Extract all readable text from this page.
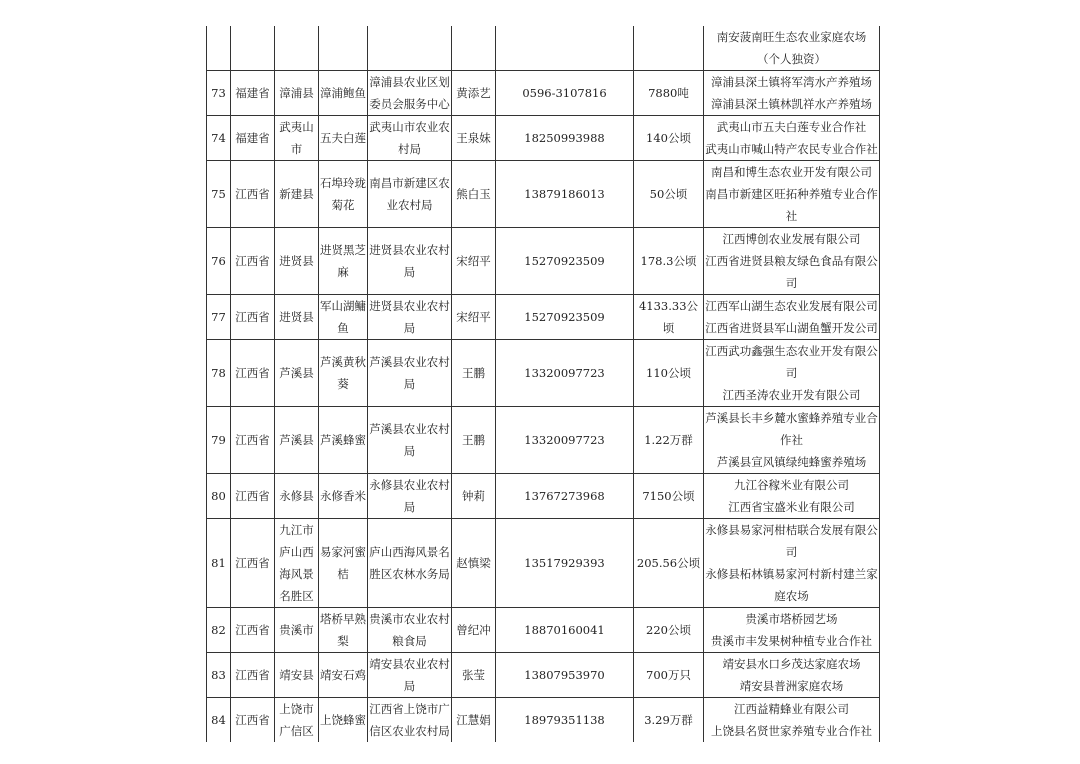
								南安菠南旺生态农业家庭农场（个人独资）

73	福建省	漳浦县	漳浦鲍鱼	漳浦县农业区划委员会服务中心	黄添艺	0596-3107816	7880吨	漳浦县深土镇将军湾水产养殖场
漳浦县深土镇林凯祥水产养殖场

74	福建省	武夷山市	五夫白莲	武夷山市农业农村局	王泉妹	18250993988	140公顷	武夷山市五夫白莲专业合作社
武夷山市喊山特产农民专业合作社

75	江西省	新建县	石埠玲珑菊花	南昌市新建区农业农村局	熊白玉	13879186013	50公顷	南昌和博生态农业开发有限公司
南昌市新建区旺拓种养殖专业合作社

76	江西省	进贤县	进贤黑芝麻	进贤县农业农村局	宋绍平	15270923509	178.3公顷	江西博创农业发展有限公司
江西省进贤县粮友绿色食品有限公司

77	江西省	进贤县	军山湖鳙鱼	进贤县农业农村局	宋绍平	15270923509	4133.33公顷	江西军山湖生态农业发展有限公司
江西省进贤县军山湖鱼蟹开发公司

78	江西省	芦溪县	芦溪黄秋葵	芦溪县农业农村局	王鹏	13320097723	110公顷	江西武功鑫强生态农业开发有限公司
江西圣涛农业开发有限公司

79	江西省	芦溪县	芦溪蜂蜜	芦溪县农业农村局	王鹏	13320097723	1.22万群	芦溪县长丰乡麓水蜜蜂养殖专业合作社
芦溪县宣风镇绿纯蜂蜜养殖场

80	江西省	永修县	永修香米	永修县农业农村局	钟莉	13767273968	7150公顷	九江谷稼米业有限公司
江西省宝盛米业有限公司

81	江西省	九江市庐山西海风景名胜区	易家河蜜桔	庐山西海风景名胜区农林水务局	赵慎梁	13517929393	205.56公顷	永修县易家河柑桔联合发展有限公司
永修县柘林镇易家河村新村建兰家庭农场

82	江西省	贵溪市	塔桥早熟梨	贵溪市农业农村粮食局	曾纪冲	18870160041	220公顷	贵溪市塔桥园艺场
贵溪市丰发果树种植专业合作社

83	江西省	靖安县	靖安石鸡	靖安县农业农村局	张莹	13807953970	700万只	靖安县水口乡茂达家庭农场
靖安县普洲家庭农场

84	江西省	上饶市广信区	上饶蜂蜜	江西省上饶市广信区农业农村局	江慧娟	18979351138	3.29万群	江西益精蜂业有限公司
上饶县名贤世家养殖专业合作社
